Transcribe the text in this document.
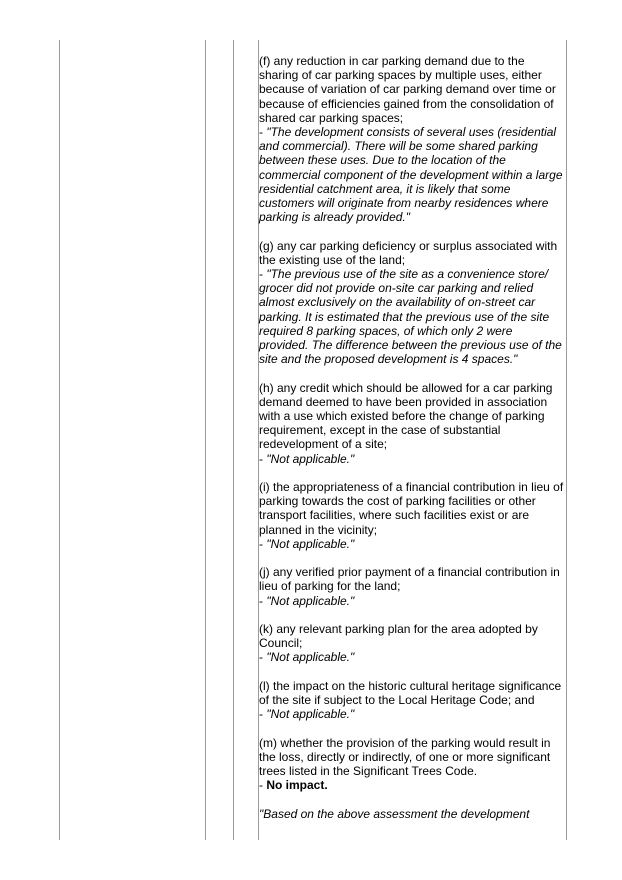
(f) any reduction in car parking demand due to the sharing of car parking spaces by multiple uses, either because of variation of car parking demand over time or because of efficiencies gained from the consolidation of shared car parking spaces;
- "The development consists of several uses (residential and commercial). There will be some shared parking between these uses. Due to the location of the commercial component of the development within a large residential catchment area, it is likely that some customers will originate from nearby residences where parking is already provided."
(g) any car parking deficiency or surplus associated with the existing use of the land;
- "The previous use of the site as a convenience store/ grocer did not provide on-site car parking and relied almost exclusively on the availability of on-street car parking. It is estimated that the previous use of the site required 8 parking spaces, of which only 2 were provided. The difference between the previous use of the site and the proposed development is 4 spaces."
(h) any credit which should be allowed for a car parking demand deemed to have been provided in association with a use which existed before the change of parking requirement, except in the case of substantial redevelopment of a site;
- "Not applicable."
(i) the appropriateness of a financial contribution in lieu of parking towards the cost of parking facilities or other transport facilities, where such facilities exist or are planned in the vicinity;
- "Not applicable."
(j) any verified prior payment of a financial contribution in lieu of parking for the land;
- "Not applicable."
(k) any relevant parking plan for the area adopted by Council;
- "Not applicable."
(l) the impact on the historic cultural heritage significance of the site if subject to the Local Heritage Code; and
- "Not applicable."
(m) whether the provision of the parking would result in the loss, directly or indirectly, of one or more significant trees listed in the Significant Trees Code.
- No impact.
"Based on the above assessment the development
